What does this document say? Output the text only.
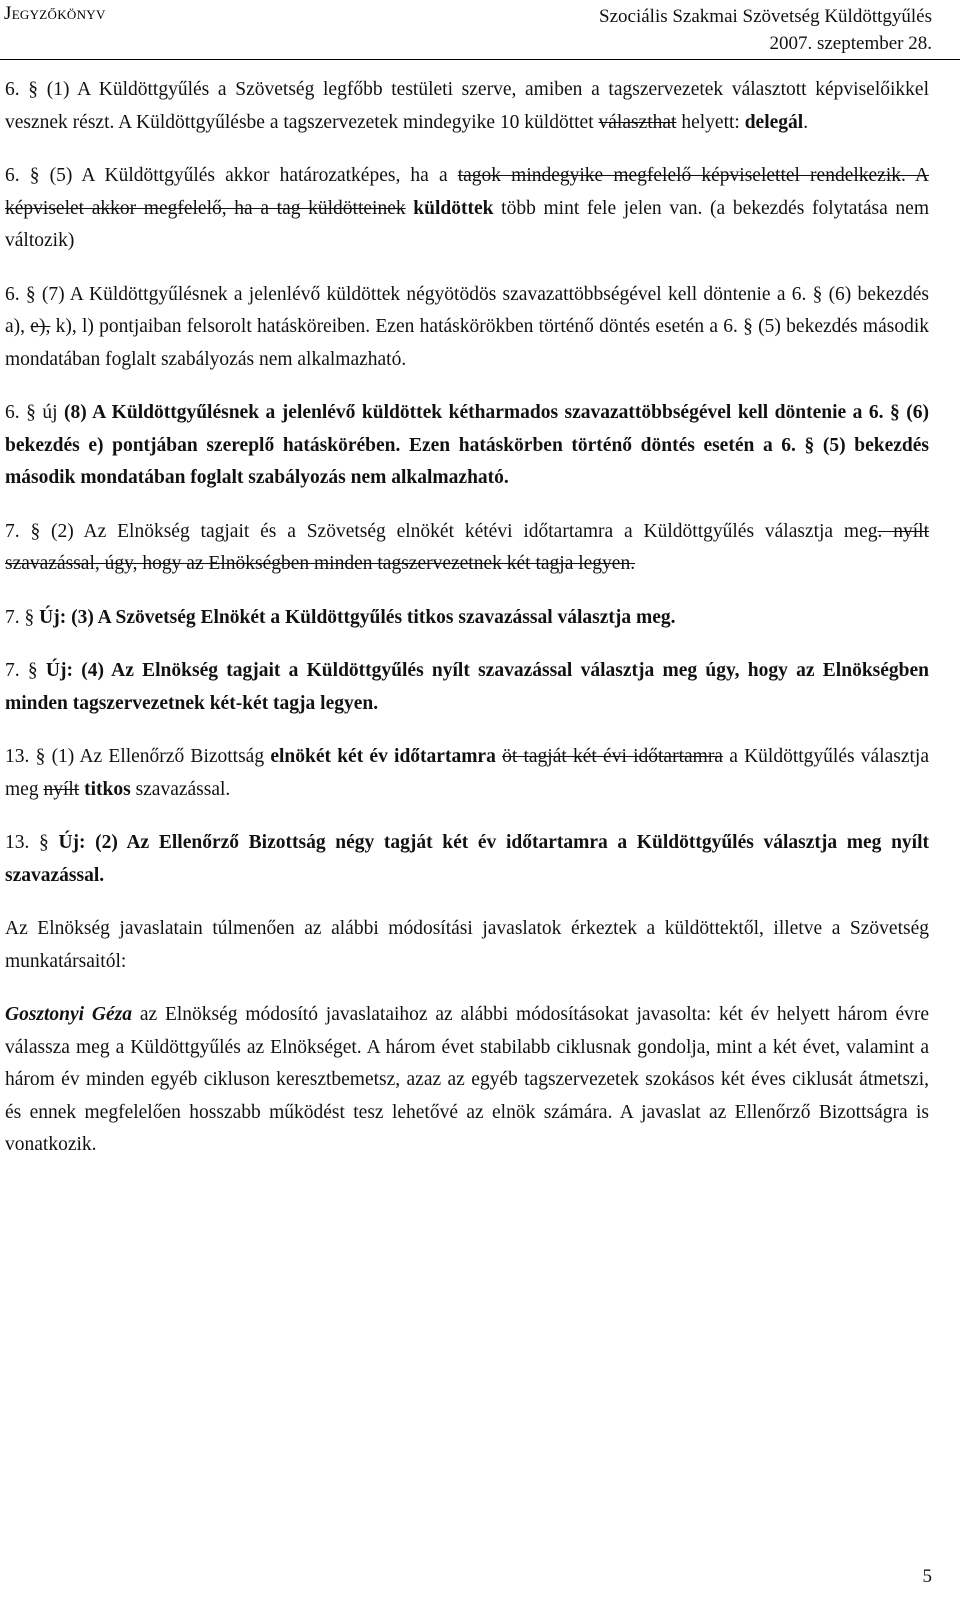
Jegyzőkönyv	Szociális Szakmai Szövetség Küldöttgyűlés
2007. szeptember 28.

6. § (1) A Küldöttgyűlés a Szövetség legfőbb testületi szerve, amiben a tagszervezetek választott képviselőikkel vesznek részt. A Küldöttgyűlésbe a tagszervezetek mindegyike 10 küldöttet választhat helyett: delegál.

6. § (5) A Küldöttgyűlés akkor határozatképes, ha a tagok mindegyike megfelelő képviselettel rendelkezik. A képviselet akkor megfelelő, ha a tag küldötteinek küldöttek több mint fele jelen van. (a bekezdés folytatása nem változik)

6. § (7) A Küldöttgyűlésnek a jelenlévő küldöttek négyötödös szavazattöbbségével kell döntenie a 6. § (6) bekezdés a), e), k), l) pontjaiban felsorolt hatásköreiben. Ezen hatáskörökben történő döntés esetén a 6. § (5) bekezdés második mondatában foglalt szabályozás nem alkalmazható.

6. § új (8) A Küldöttgyűlésnek a jelenlévő küldöttek kétharmados szavazattöbbségével kell döntenie a 6. § (6) bekezdés e) pontjában szereplő hatáskörében. Ezen hatáskörben történő döntés esetén a 6. § (5) bekezdés második mondatában foglalt szabályozás nem alkalmazható.

7. § (2) Az Elnökség tagjait és a Szövetség elnökét kétévi időtartamra a Küldöttgyűlés választja meg. nyílt szavazással, úgy, hogy az Elnökségben minden tagszervezetnek két tagja legyen.

7. § Új: (3) A Szövetség Elnökét a Küldöttgyűlés titkos szavazással választja meg.

7. § Új: (4) Az Elnökség tagjait a Küldöttgyűlés nyílt szavazással választja meg úgy, hogy az Elnökségben minden tagszervezetnek két-két tagja legyen.

13. § (1) Az Ellenőrző Bizottság elnökét két év időtartamra öt tagját két évi időtartamra a Küldöttgyűlés választja meg nyílt titkos szavazással.

13. § Új: (2) Az Ellenőrző Bizottság négy tagját két év időtartamra a Küldöttgyűlés választja meg nyílt szavazással.

Az Elnökség javaslatain túlmenően az alábbi módosítási javaslatok érkeztek a küldöttektől, illetve a Szövetség munkatársaitól:

Gosztonyi Géza az Elnökség módosító javaslataihoz az alábbi módosításokat javasolta: két év helyett három évre válassza meg a Küldöttgyűlés az Elnökséget. A három évet stabilabb ciklusnak gondolja, mint a két évet, valamint a három év minden egyéb cikluson keresztbemetsz, azaz az egyéb tagszervezetek szokásos két éves ciklusát átmetszi, és ennek megfelelően hosszabb működést tesz lehetővé az elnök számára. A javaslat az Ellenőrző Bizottságra is vonatkozik.

5
